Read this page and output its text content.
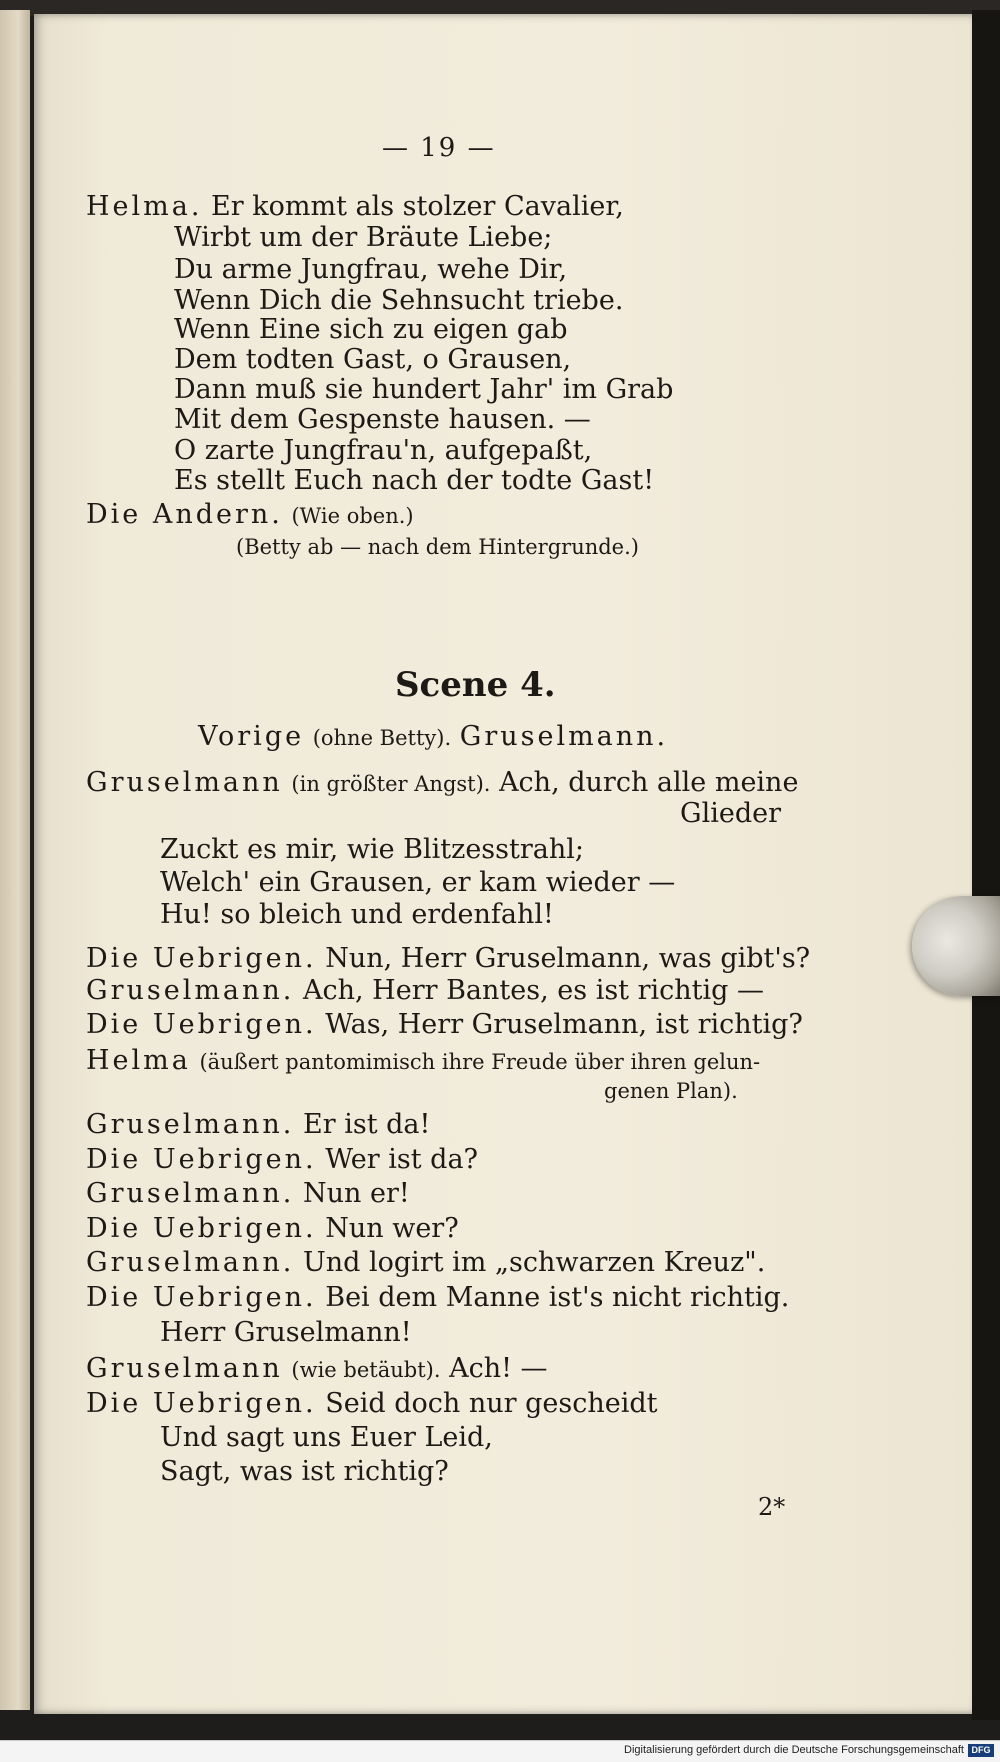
— 19 —
Helma. Er kommt als stolzer Cavalier,
Wirbt um der Bräute Liebe;
Du arme Jungfrau, wehe Dir,
Wenn Dich die Sehnsucht triebe.
Wenn Eine sich zu eigen gab
Dem todten Gast, o Grausen,
Dann muß sie hundert Jahr' im Grab
Mit dem Gespenste hausen. —
O zarte Jungfrau'n, aufgepaßt,
Es stellt Euch nach der todte Gast!
Die Andern. (Wie oben.)
(Betty ab — nach dem Hintergrunde.)
Scene 4.
Vorige (ohne Betty). Gruselmann.
Gruselmann (in größter Angst). Ach, durch alle meine
Glieder
Zuckt es mir, wie Blitzesstrahl;
Welch' ein Grausen, er kam wieder —
Hu! so bleich und erdenfahl!
Die Uebrigen. Nun, Herr Gruselmann, was gibt's?
Gruselmann. Ach, Herr Bantes, es ist richtig —
Die Uebrigen. Was, Herr Gruselmann, ist richtig?
Helma (äußert pantomimisch ihre Freude über ihren gelun-
genen Plan).
Gruselmann. Er ist da!
Die Uebrigen. Wer ist da?
Gruselmann. Nun er!
Die Uebrigen. Nun wer?
Gruselmann. Und logirt im „schwarzen Kreuz".
Die Uebrigen. Bei dem Manne ist's nicht richtig.
Herr Gruselmann!
Gruselmann (wie betäubt). Ach! —
Die Uebrigen. Seid doch nur gescheidt
Und sagt uns Euer Leid,
Sagt, was ist richtig?
2*
Digitalisierung gefördert durch die Deutsche Forschungsgemeinschaft DFG
